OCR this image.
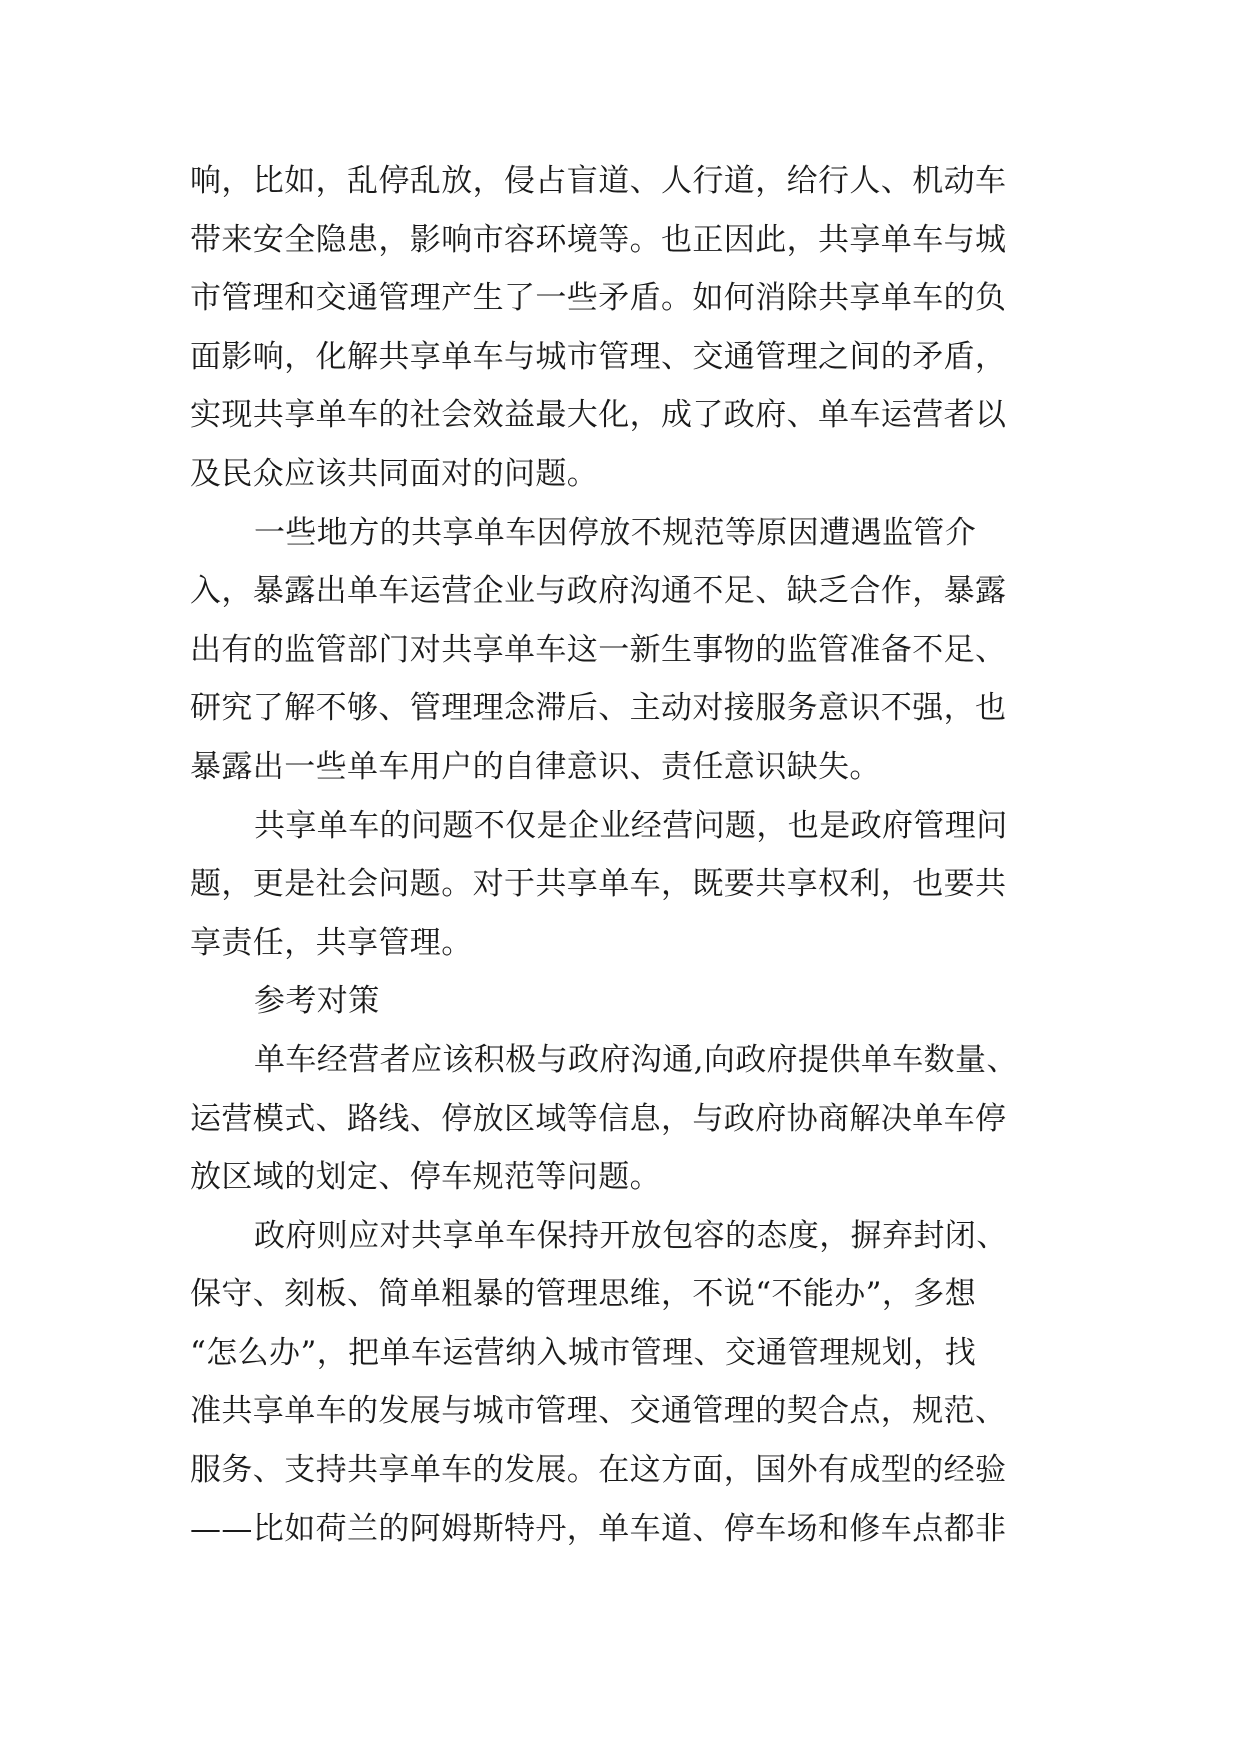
响，比如，乱停乱放，侵占盲道、人行道，给行人、机动车
带来安全隐患，影响市容环境等。也正因此，共享单车与城
市管理和交通管理产生了一些矛盾。如何消除共享单车的负
面影响，化解共享单车与城市管理、交通管理之间的矛盾，
实现共享单车的社会效益最大化，成了政府、单车运营者以
及民众应该共同面对的问题。
一些地方的共享单车因停放不规范等原因遭遇监管介
入，暴露出单车运营企业与政府沟通不足、缺乏合作，暴露
出有的监管部门对共享单车这一新生事物的监管准备不足、
研究了解不够、管理理念滞后、主动对接服务意识不强，也
暴露出一些单车用户的自律意识、责任意识缺失。
共享单车的问题不仅是企业经营问题，也是政府管理问
题，更是社会问题。对于共享单车，既要共享权利，也要共
享责任，共享管理。
参考对策
单车经营者应该积极与政府沟通,向政府提供单车数量、
运营模式、路线、停放区域等信息，与政府协商解决单车停
放区域的划定、停车规范等问题。
政府则应对共享单车保持开放包容的态度，摒弃封闭、
保守、刻板、简单粗暴的管理思维，不说“不能办”，多想
“怎么办”，把单车运营纳入城市管理、交通管理规划，找
准共享单车的发展与城市管理、交通管理的契合点，规范、
服务、支持共享单车的发展。在这方面，国外有成型的经验
——比如荷兰的阿姆斯特丹，单车道、停车场和修车点都非
